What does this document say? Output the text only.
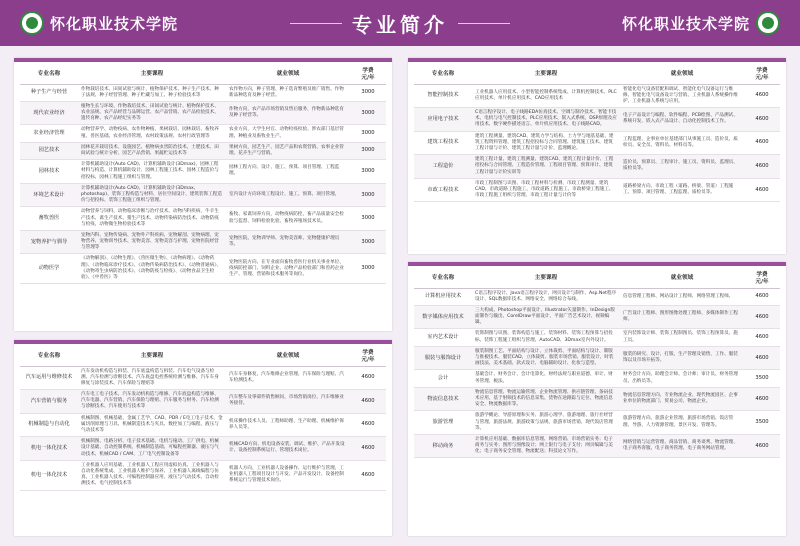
怀化职业技术学院	专业简介	怀化职业技术学院
专业名称	主要课程	就业领域	学费
元/年
种子生产与经营	作物栽培技术、田间试验与统计、植物保护技术、种子生产技术、种子法规、种子经营管理、种子贮藏与加工、种子检验技术等	农作物方向，种子管理、种子选育繁殖及推广销售、作物新品种选育及种子经营。	3000
现代农业经济	植物生长与环境、作物栽培技术、田间试验与统计、植物保护技术、农业法规、农产品经营与品牌运营、农产品营销、农产品检验技术、遗传育种、农产品经纪实务等	作物方向，农产品市场营销及售后服务，作物新品种选育及种子经营等。	3000
农业经济管理	动物营养学、动物疫病、农作物种植、果树栽培、园林栽培、畜牧养殖、兽医基础、农业经济管理、农村政策法规、农村行政管理等	农业方向，大学生村官、动物检疫检验、涉农部门基层管理、种植业及畜牧业生产。	3000
园艺技术	园林花卉栽培技术、设施园艺、植物病虫害防治技术、土肥技术、田间试验与统计分析、园艺产品营销、果蔬贮运技术等	果树方向，园艺生产、园艺产品和农资营销、农事企业管理、花卉生产与营销。	3000
园林技术	计算机辅助设计(Auto CAD)、计算机辅助设计(3Dmax)、园林工程材料与构造、计算机辅助设计、园林工程施工技术、园林工程造价与招投标、园林工程施工组织与管理。	园林工程方向、设计、施工、预算、项目管理、工程监理。	3000
环境艺术设计	计算机辅助设计(Auto CAD)、计算机辅助设计(3Dmax、photoshop)、装饰工程构造与材料、居住空间设计、建筑装饰工程造价与招投标、装饰工程施工组织与管理。	室内设计方向环境工程设计、施工、预算、项目管理。	3000
畜牧兽医	动物营养与饲料、动物临床诊断与治疗技术、动物内科疾病、牛羊生产技术、禽生产技术、猪生产技术、动物传染病防治技术、动物防疫与检疫、动物微生物检验技术等	畜牧、家禽饲养方向，动物疫病防控、畜产品质量安全检验与监督、饲料检验化验、畜牧养殖场技术员。	3000
宠物养护与驯导	宠物内科、宠物传染病、宠物外产科疾病、宠物解剖、宠物病理、宠物营养、宠物训导技术、宠物美容、宠物美容与护理、宠物医院经营与管理等	宠物医院、宠物训导师、宠物美容师、宠物健康护理员等。	3000
动物医学	《动物解剖》、《动物生理》、《兽医微生物》、《动物病理》、《动物药理》、《动物临床诊疗技术》、《动物传染病防治技术》、《动物普通病》、《动物寄生虫病防治技术》、《动物防疫与检疫》、《动物食品卫生检验》、《中兽医》等	宠物医院方向、在专业面向畜牧兽医行业机关事业单位、疫病防控部门、饲料企业、动物产品检验部门和兽药企业生产、管理、营销和技术服务等岗位。	3000
专业名称	主要课程	就业领域	学费
元/年
汽车运用与维修技术	汽车发动机构造与拆装、汽车底盘构造与拆装、汽车电气设备与检测、汽车检测与诊断技术、汽车底盘电控系统检测与维修、汽车车身修复与涂装技术、汽车保险与理赔等	汽车车身修复、汽车维修企业管理、汽车保险与理赔、汽车检测技术。	4600
汽车营销与服务	汽车电工电子技术、汽车发动机构造与维修、汽车底盘构造与维修、汽车电器、汽车营销、汽车保险与理赔、汽车服务与财务、汽车检测与诊断技术、汽车使用与技术等	汽车整车及零部件销售顾问、市场营销岗位、汽车维修业务接待。	4600
机械制造与自动化	机械制图、机械基础、金属工艺学、CAD、PDR / E电工电子技术、金属切削原理与刀具、机械制造技术与夹具、数控加工与编程、液压与气动技术等	机床操作技术人员、工程师助理、生产助理、机械维护保养人员等。	4600
机电一体化技术	机械制图、电路分析、电子技术基础、电机与拖动、工厂供电、机械设计基础、自动控制系统、机械制造基础、可编程控制器、液压与气动技术、机械CAD / CAM、工厂电气控制设备等	机械CAD方向、机电设备安装、调试、维护、产品开发设计、设备控制系统运行、管理技术岗位。	4600
机电一体化技术	工业机器人应用基础、工业机器人工程应用虚拟仿真、工业机器人与自动化系统集成、工业机器人维护与保养、工业机器人离线编程与仿真、工业机器人技术、可编程控制器应用、液压与气动技术、自动检测技术、电气控制技术等	机器人方向、工业机器人设备操作、运行维护与管理、工业机器人工程项目设计与开发、产品开发设计、设备控制系统运行与管理技术岗位。	4600
专业名称	主要课程	就业领域	学费
元/年
智能控制技术	工业机器人应用技术、小型智能控制系统集成、计算机控制技术、PLC应用技术、单片机应用技术、CAD应用技术	智能化电气设备装配和调试、智能化电气设备运行与维修、智能化电气设备设计与营销、工业机器人系统操作维护、工业机器人系统与应用。	4600
应用电子技术	C语言程序设计、电子线路EDA仿真技术、空调与制冷技术、智能卡技术、电机与电气控制技术、PLC应用技术、嵌入式系统、DSP原理及应用技术、数字硬件描述语言、单片机应用技术、电子线路CAD。	电子产品设计与编程、软件编程、PCB绘图、产品测试、系统开发、嵌入式产品设计、自动化控制技术工作。	4600
建筑工程技术	建筑工程测量、建筑CAD、建筑力学与结构、土力学与地基基础、建筑工程资料管理、建筑工程招投标与合同管理、建筑施工技术、建筑工程计量与计价、建筑工程计量与计价、监理概论。	工程监理、企事业单位基建部门从事施工员、造价员、质检员、安全员、资料员、材料员等。	4600
工程造价	建筑工程计量、建筑工程测量、建筑CAD、建筑工程计量计价、工程招投标与合同管理、工程造价管理、工程项目管理、预算审计、建筑工程计量与计价实训等	造价员、预算员、工程审计、施工员、资料员、监理员、质检员等。	4600
市政工程技术	市政工程制图与识图、市政工程材料与检测、市政工程测量、建筑CAD、市政道路工程施工、市政道路工程施工、市政桥梁工程施工、市政工程施工组织与管理、市政工程计量与计价等	道路桥梁方向、市政工程（道路、桥梁、管道）工程施工、预算、项目管理、工程监理、质检员等。	4600
专业名称	主要课程	就业领域	学费
元/年
计算机应用技术	C语言程序设计、Java语言程序设计、网页设计与制作、Asp.Net程序设计、SQL数据库技术、网络安全、网络综合布线。	信息管理工程师、网站设计工程师、网络管理工程师。	4600
数字媒体应用技术	三大构成、Photoshop平面设计、Illustrator矢量制作、InDesign版面制作与输出、CorelDraw平面设计、平面广告艺术设计、视频编辑。	广告设计工程师、图形图像处理工程师、多媒体制作工程师。	4600
室内艺术设计	装饰制图与识图、装饰构造与施工、装饰材料、装饰工程预算与招投标、装饰工程施工组织与管理、AutoCAD、3Dmax室内外设计。	室内装饰设计师、装饰工程制图员、装饰工程预算员、施工员。	4600
服装与服饰设计	服装制图工艺、平面结构与设计、立体裁剪、平面结构与设计、制版与推板技术、服装CAD、立体裁剪、服装市场营销、服装设计、时装画技法、美术基础、款式设计、电脑辅助设计、化妆与造型。	服装的研究、设计、打版、生产管理及销售、工作、服装饰以及市场开拓等。	4600
会计	基础会计、财务会计、会计电算化、财经法规与职业道德、审计、财务管理、税法。	财务会计方向、助理会计师、会计师；审计员、财务管理员、出纳员等。	3500
物流信息技术	物流信息管理、物流运输管理、企业物流管理、供应链管理、条码技术应用、基于射频技术的信息采集、货物在途跟踪与定位、物流信息安全、物流数据库等。	物流信息管理方向、专业物流企业、现代物流园区、企事业单位的物流部门、贸易公司、物流企业。	4600
旅游管理	旅游学概论、导游原理和实务、旅游心理学、旅游地理、旅行社经营与管理、旅游法规、旅游政策与法规、旅游市场营销、现代饭店管理等。	旅游管理方向、旅游企业管理、旅游市场营销、饭店管理、导游、人力资源管理、景区开发、管理等。	3500
移动商务	计算机应用基础、数据库信息管理、网络营销、市场营销实务；电子商务与实务；图形与图像设计；网上银行与电子支付；网页编辑与美化；电子商务安全管理、物流配送；科技论文写作。	网络营销与运营管理、商品营销、商务谈判、物流管理、电子商务客服、电子商务管理、电子商务网站管理。	4600
